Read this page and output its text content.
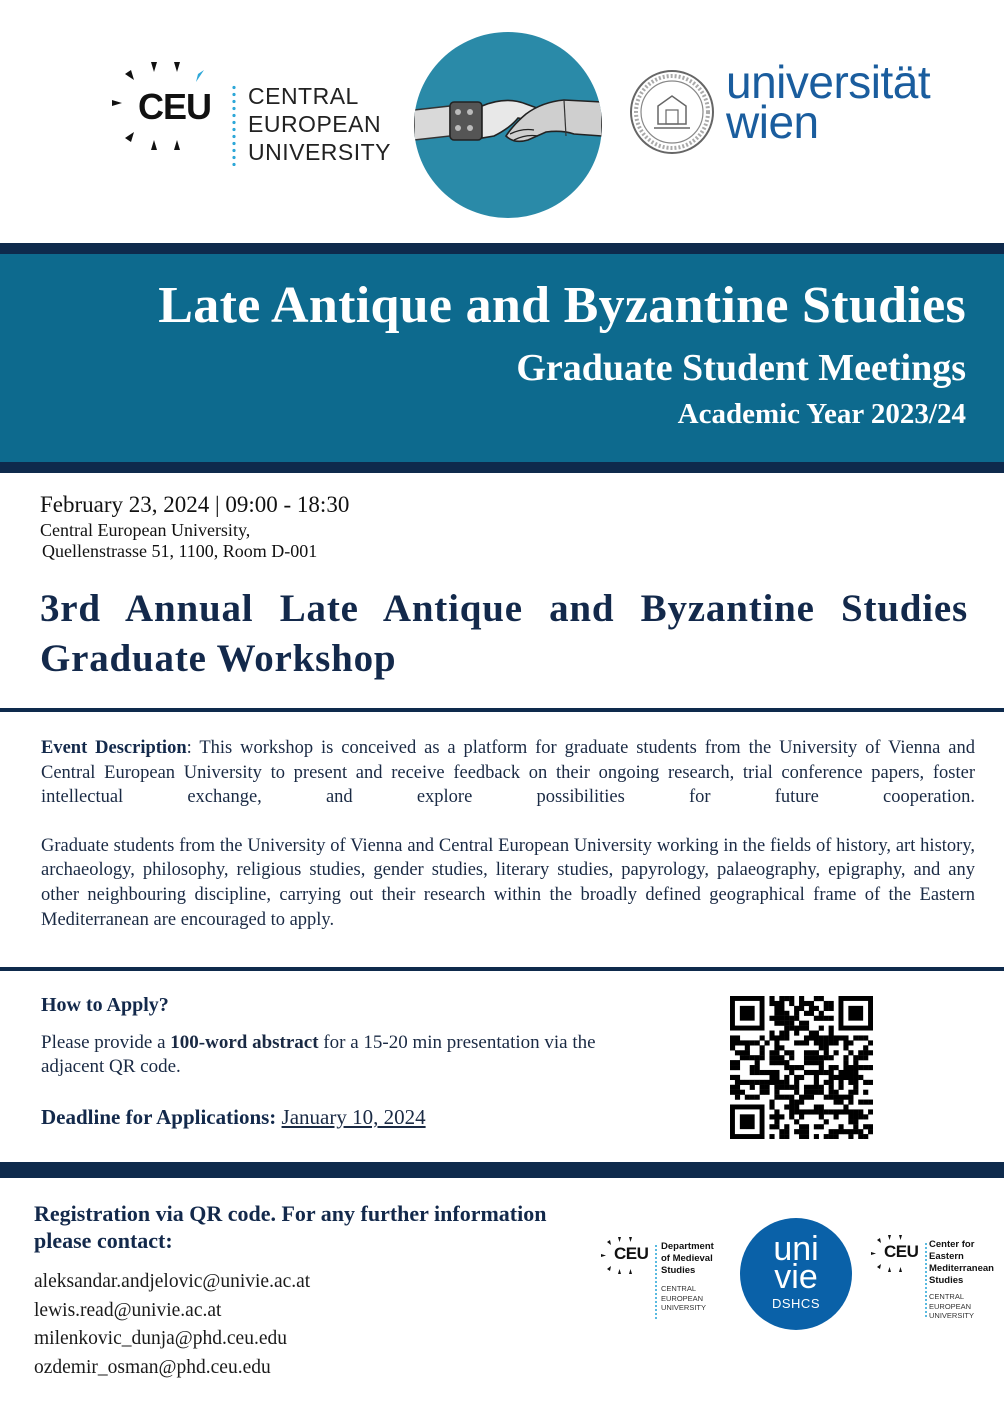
CEU CENTRAL
EUROPEAN
UNIVERSITY
universität
wien
Late Antique and Byzantine Studies
Graduate Student Meetings
Academic Year 2023/24
February 23, 2024 | 09:00 - 18:30
Central European University,
Quellenstrasse 51, 1100, Room D-001
3rd Annual Late Antique and Byzantine Studies
Graduate Workshop

Event Description: This workshop is conceived as a platform for graduate students from the University of Vienna and Central European University to present and receive feedback on their ongoing research, trial conference papers, foster intellectual exchange, and explore possibilities for future cooperation.

Graduate students from the University of Vienna and Central European University working in the fields of history, art history, archaeology, philosophy, religious studies, gender studies, literary studies, papyrology, palaeography, epigraphy, and any other neighbouring discipline, carrying out their research within the broadly defined geographical frame of the Eastern Mediterranean are encouraged to apply.

How to Apply?
Please provide a 100-word abstract for a 15-20 min presentation via the adjacent QR code.
Deadline for Applications: January 10, 2024
Registration via QR code. For any further information
please contact:
aleksandar.andjelovic@univie.ac.at
lewis.read@univie.ac.at
milenkovic_dunja@phd.ceu.edu
ozdemir_osman@phd.ceu.edu
CEU Department
of Medieval
Studies
CENTRAL
EUROPEAN
UNIVERSITY
uni
vie
DSHCS
CEU Center for
Eastern
Mediterranean
Studies
CENTRAL
EUROPEAN
UNIVERSITY
